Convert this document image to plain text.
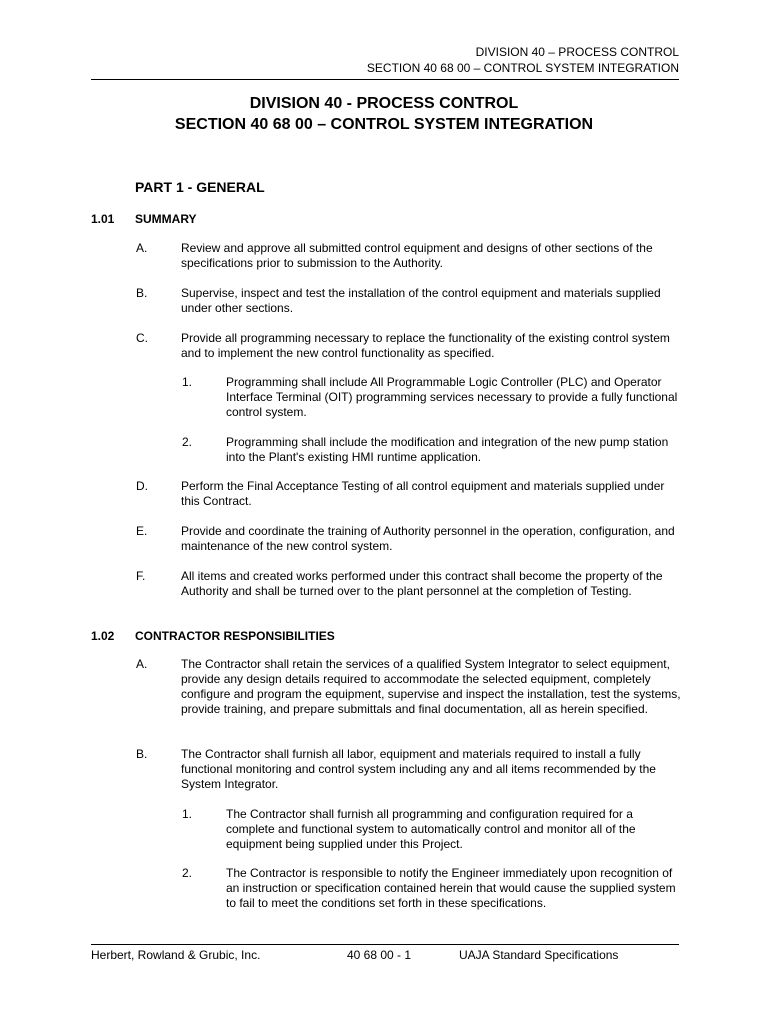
DIVISION 40 – PROCESS CONTROL
SECTION 40 68 00 – CONTROL SYSTEM INTEGRATION
DIVISION 40 - PROCESS CONTROL
SECTION 40 68 00 – CONTROL SYSTEM INTEGRATION
PART 1 - GENERAL
1.01 SUMMARY
A.	Review and approve all submitted control equipment and designs of other sections of the specifications prior to submission to the Authority.
B.	Supervise, inspect and test the installation of the control equipment and materials supplied under other sections.
C.	Provide all programming necessary to replace the functionality of the existing control system and to implement the new control functionality as specified.
1.	Programming shall include All Programmable Logic Controller (PLC) and Operator Interface Terminal (OIT) programming services necessary to provide a fully functional control system.
2.	Programming shall include the modification and integration of the new pump station into the Plant's existing HMI runtime application.
D.	Perform the Final Acceptance Testing of all control equipment and materials supplied under this Contract.
E.	Provide and coordinate the training of Authority personnel in the operation, configuration, and maintenance of the new control system.
F.	All items and created works performed under this contract shall become the property of the Authority and shall be turned over to the plant personnel at the completion of Testing.
1.02 CONTRACTOR RESPONSIBILITIES
A.	The Contractor shall retain the services of a qualified System Integrator to select equipment, provide any design details required to accommodate the selected equipment, completely configure and program the equipment, supervise and inspect the installation, test the systems, provide training, and prepare submittals and final documentation, all as herein specified.
B.	The Contractor shall furnish all labor, equipment and materials required to install a fully functional monitoring and control system including any and all items recommended by the System Integrator.
1.	The Contractor shall furnish all programming and configuration required for a complete and functional system to automatically control and monitor all of the equipment being supplied under this Project.
2.	The Contractor is responsible to notify the Engineer immediately upon recognition of an instruction or specification contained herein that would cause the supplied system to fail to meet the conditions set forth in these specifications.
Herbert, Rowland & Grubic, Inc.	40 68 00 - 1	UAJA Standard Specifications
